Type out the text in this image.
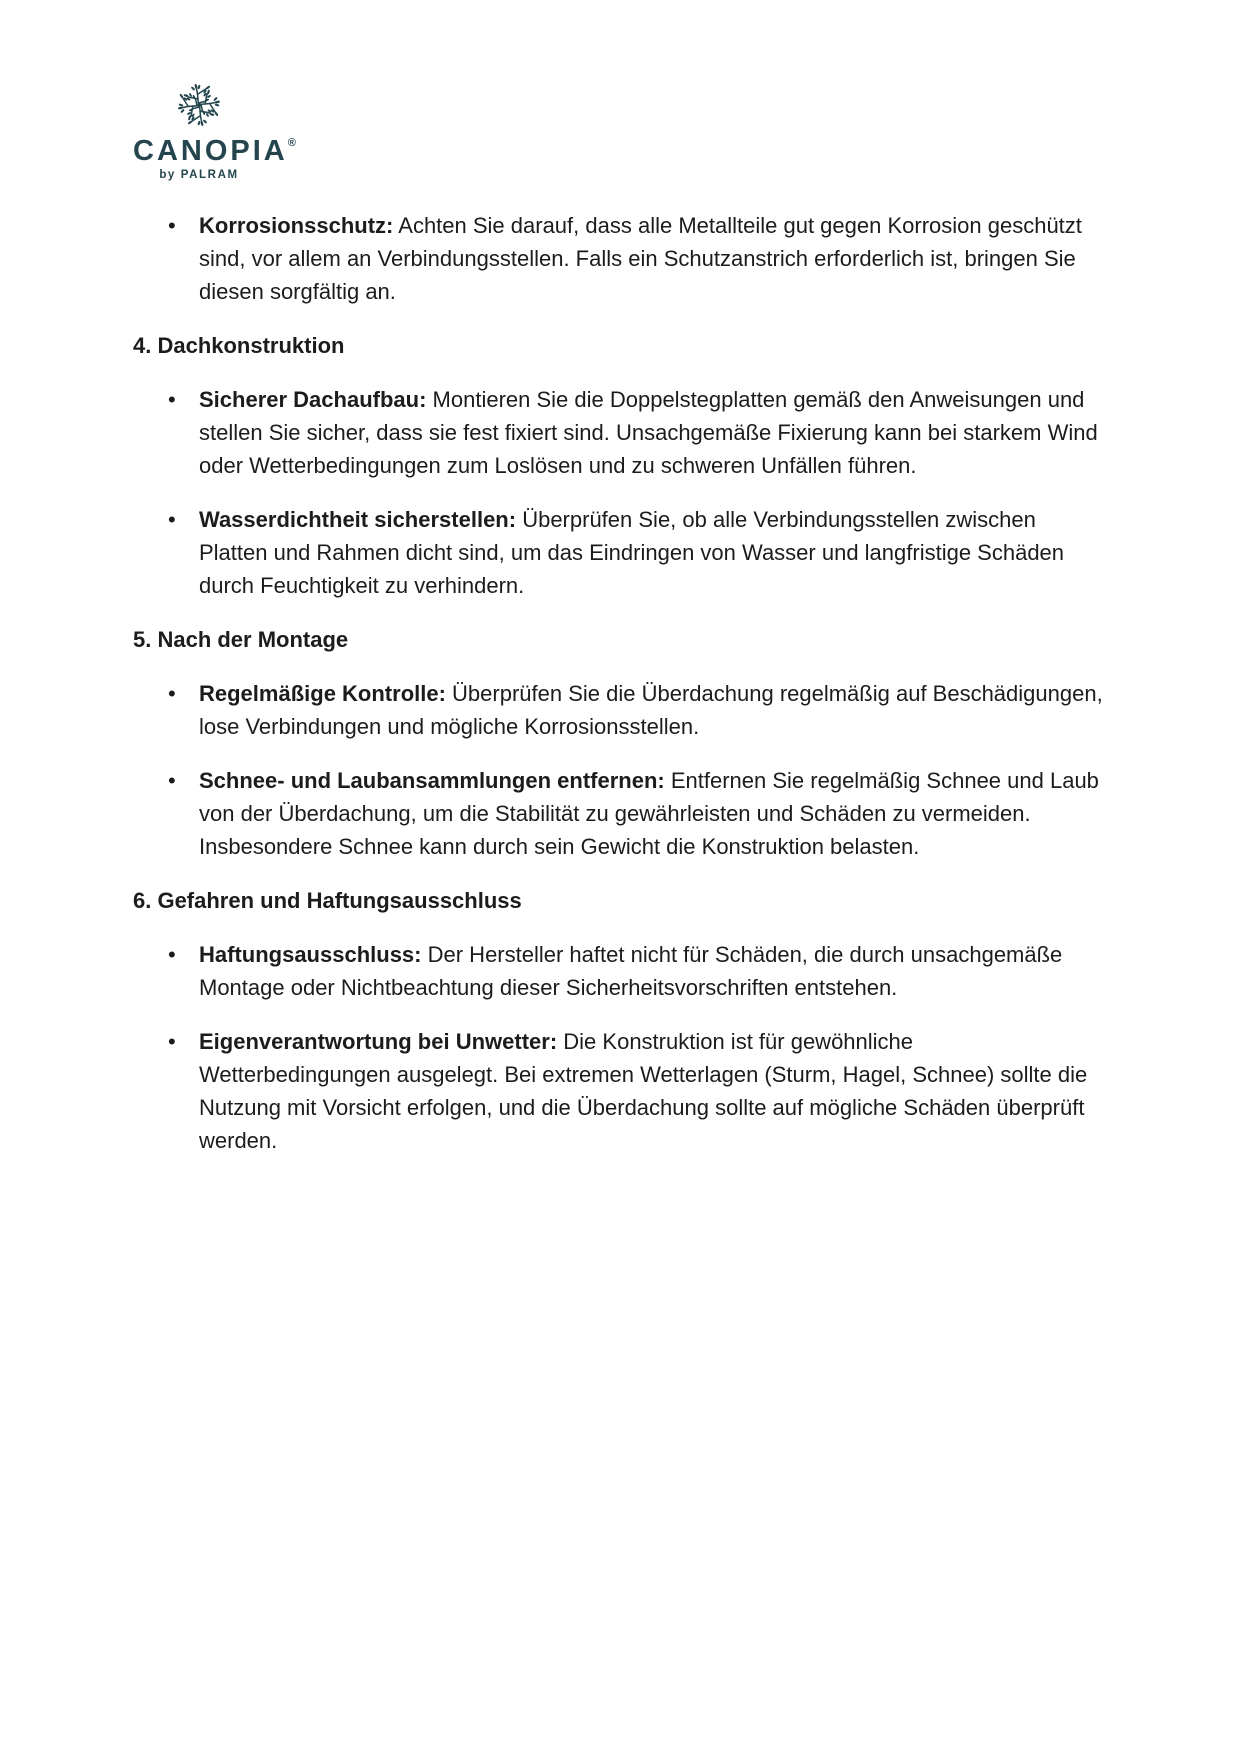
CANOPIA®
by PALRAM
• Korrosionsschutz: Achten Sie darauf, dass alle Metallteile gut gegen Korrosion geschützt sind, vor allem an Verbindungsstellen. Falls ein Schutzanstrich erforderlich ist, bringen Sie diesen sorgfältig an.
4. Dachkonstruktion
• Sicherer Dachaufbau: Montieren Sie die Doppelstegplatten gemäß den Anweisungen und stellen Sie sicher, dass sie fest fixiert sind. Unsachgemäße Fixierung kann bei starkem Wind oder Wetterbedingungen zum Loslösen und zu schweren Unfällen führen.
• Wasserdichtheit sicherstellen: Überprüfen Sie, ob alle Verbindungsstellen zwischen Platten und Rahmen dicht sind, um das Eindringen von Wasser und langfristige Schäden durch Feuchtigkeit zu verhindern.
5. Nach der Montage
• Regelmäßige Kontrolle: Überprüfen Sie die Überdachung regelmäßig auf Beschädigungen, lose Verbindungen und mögliche Korrosionsstellen.
• Schnee- und Laubansammlungen entfernen: Entfernen Sie regelmäßig Schnee und Laub von der Überdachung, um die Stabilität zu gewährleisten und Schäden zu vermeiden. Insbesondere Schnee kann durch sein Gewicht die Konstruktion belasten.
6. Gefahren und Haftungsausschluss
• Haftungsausschluss: Der Hersteller haftet nicht für Schäden, die durch unsachgemäße Montage oder Nichtbeachtung dieser Sicherheitsvorschriften entstehen.
• Eigenverantwortung bei Unwetter: Die Konstruktion ist für gewöhnliche Wetterbedingungen ausgelegt. Bei extremen Wetterlagen (Sturm, Hagel, Schnee) sollte die Nutzung mit Vorsicht erfolgen, und die Überdachung sollte auf mögliche Schäden überprüft werden.
